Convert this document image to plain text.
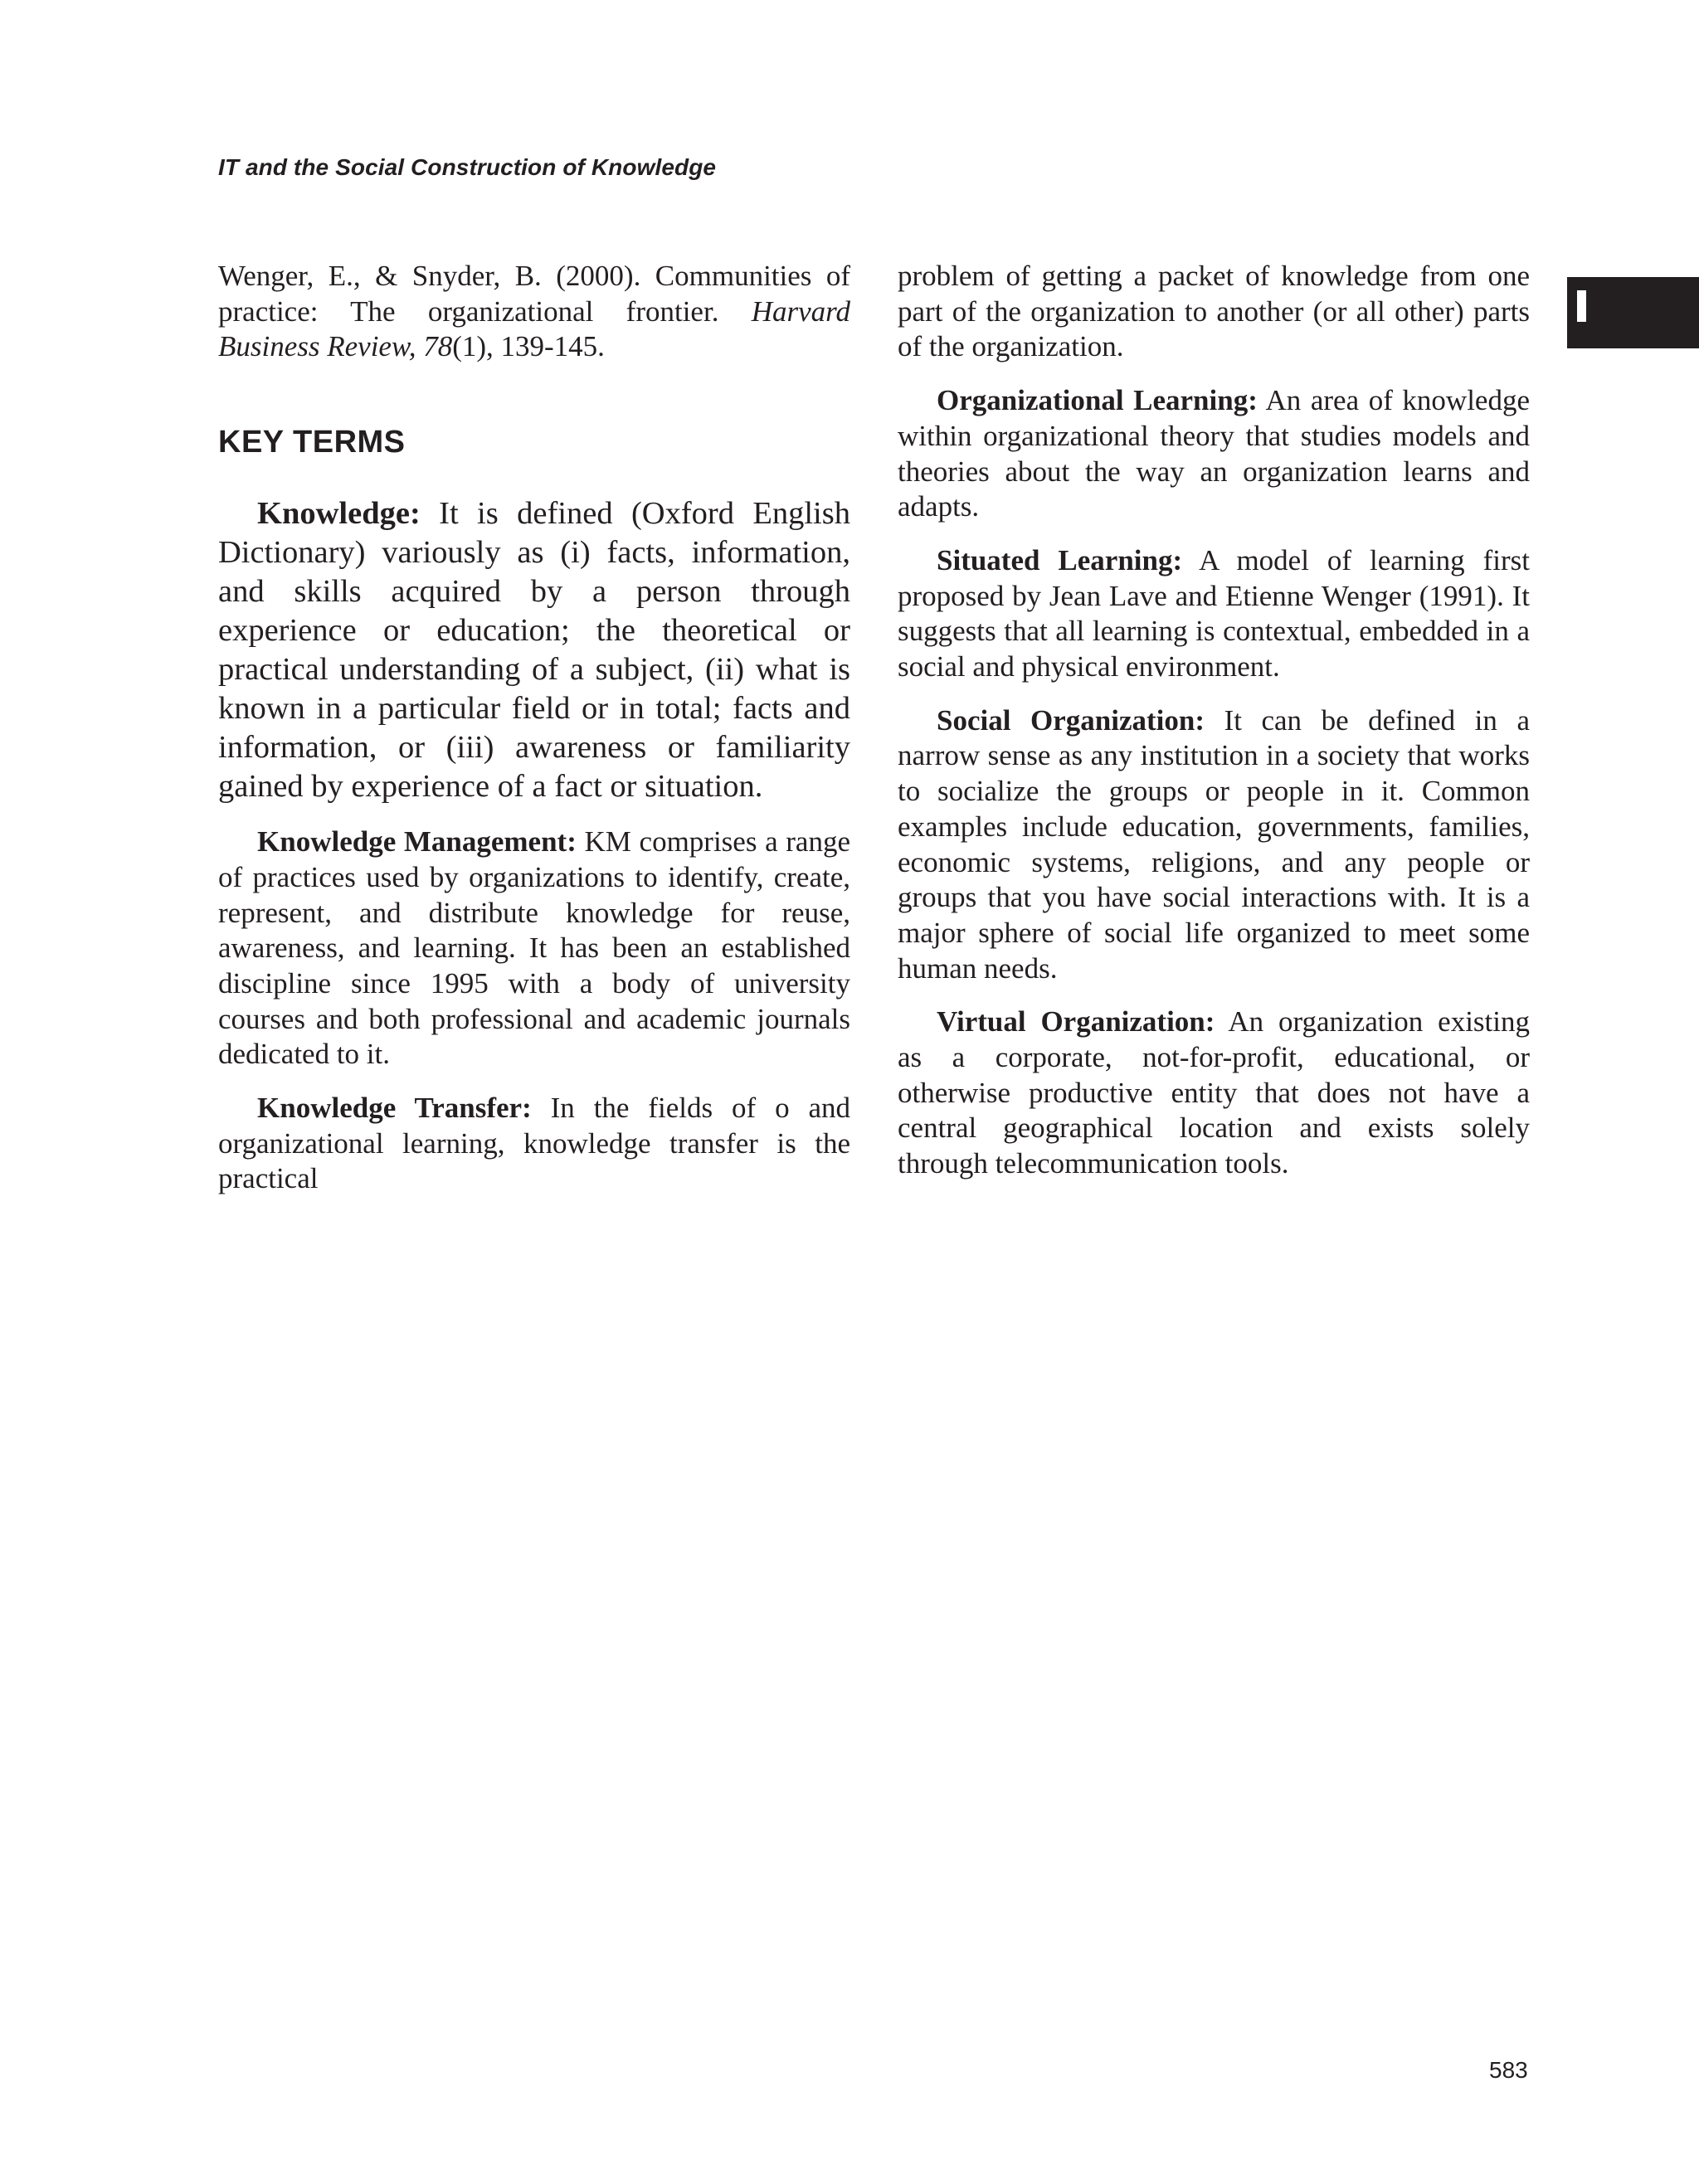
IT and the Social Construction of Knowledge

Wenger, E., & Snyder, B. (2000). Communities of practice: The organizational frontier. Harvard Business Review, 78(1), 139-145.

KEY TERMS

Knowledge: It is defined (Oxford English Dictionary) variously as (i) facts, information, and skills acquired by a person through experience or education; the theoretical or practical understanding of a subject, (ii) what is known in a particular field or in total; facts and information, or (iii) awareness or familiarity gained by experience of a fact or situation.

Knowledge Management: KM comprises a range of practices used by organizations to identify, create, represent, and distribute knowledge for reuse, awareness, and learning. It has been an established discipline since 1995 with a body of university courses and both professional and academic journals dedicated to it.

Knowledge Transfer: In the fields of o and organizational learning, knowledge transfer is the practical

problem of getting a packet of knowledge from one part of the organization to another (or all other) parts of the organization.

Organizational Learning: An area of knowledge within organizational theory that studies models and theories about the way an organization learns and adapts.

Situated Learning: A model of learning first proposed by Jean Lave and Etienne Wenger (1991). It suggests that all learning is contextual, embedded in a social and physical environment.

Social Organization: It can be defined in a narrow sense as any institution in a society that works to socialize the groups or people in it. Common examples include education, governments, families, economic systems, religions, and any people or groups that you have social interactions with. It is a major sphere of social life organized to meet some human needs.

Virtual Organization: An organization existing as a corporate, not-for-profit, educational, or otherwise productive entity that does not have a central geographical location and exists solely through telecommunication tools.

583
